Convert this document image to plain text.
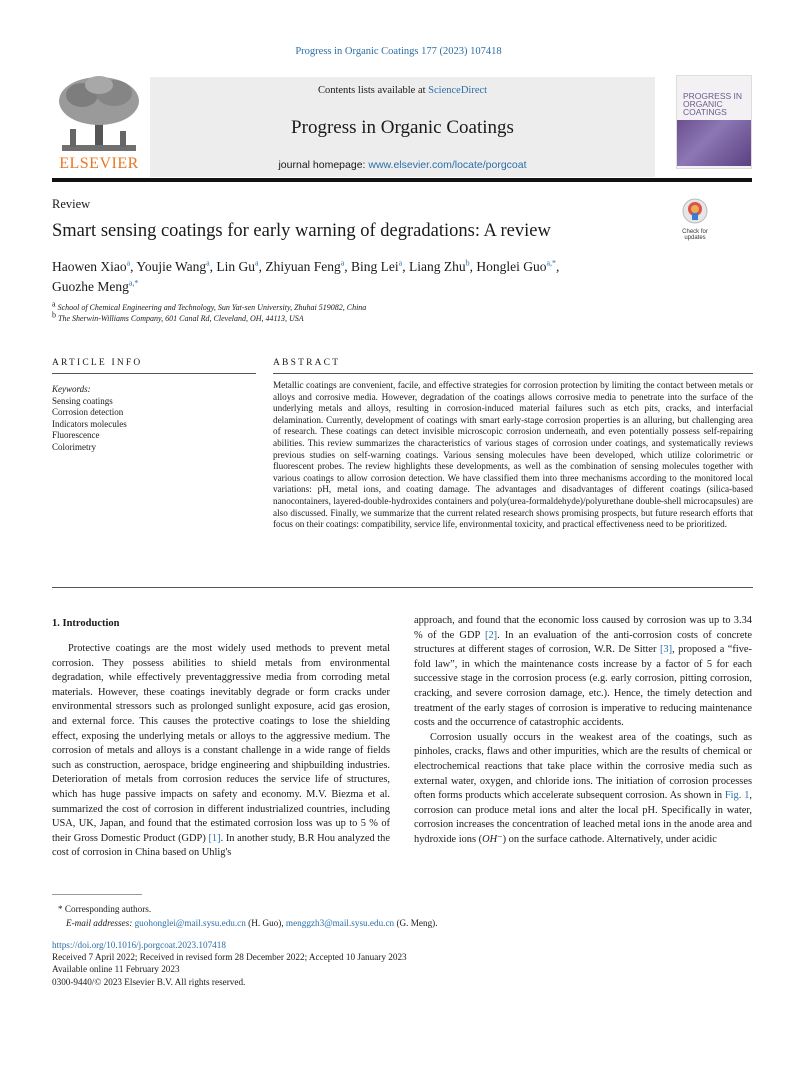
Progress in Organic Coatings 177 (2023) 107418
ELSEVIER
Contents lists available at ScienceDirect
Progress in Organic Coatings
journal homepage: www.elsevier.com/locate/porgcoat
PROGRESS IN
ORGANIC
COATINGS
Review
Check for updates
Smart sensing coatings for early warning of degradations: A review
Haowen Xiao$^a$, Youjie Wang$^a$, Lin Gu$^a$, Zhiyuan Feng$^a$, Bing Lei$^a$, Liang Zhu$^b$, Honglei Guo$^{a,*}$,
Guozhe Meng$^{a,*}$
$^a$ School of Chemical Engineering and Technology, Sun Yat-sen University, Zhuhai 519082, China
$^b$ The Sherwin-Williams Company, 601 Canal Rd, Cleveland, OH, 44113, USA
ARTICLE INFO	ABSTRACT
Keywords:
Sensing coatings
Corrosion detection
Indicators molecules
Fluorescence
Colorimetry
Metallic coatings are convenient, facile, and effective strategies for corrosion protection by limiting the contact between metals or alloys and corrosive media. However, degradation of the coatings allows corrosive media to penetrate into the surface of the underlying metals and alloys, resulting in corrosion-induced material failures such as etch pits, cracks, and interfacial delamination. Currently, development of coatings with smart early-stage corrosion properties is an alluring, but challenging area of research. These coatings can detect invisible microscopic corrosion underneath, and even potentially possess self-repairing abilities. This review summarizes the characteristics of various stages of corrosion under coatings, and systematically reviews previous studies on self-warning coatings. Various sensing molecules have been developed, which utilize colorimetric or fluorescent probes. The review highlights these developments, as well as the combination of sensing molecules together with various coatings to allow corrosion detection. We have classified them into three mechanisms according to the monitored local variations: pH, metal ions, and coating damage. The advantages and disadvantages of different coatings (silica-based nanocontainers, layered-double-hydroxides containers and poly(urea-formaldehyde)/polyurethane double-shell microcapsules) are also discussed. Finally, we summarize that the current related research shows promising prospects, but future research efforts that focus on their coatings: compatibility, service life, environmental toxicity, and practical effectiveness need to be prioritized.
1. Introduction

Protective coatings are the most widely used methods to prevent metal corrosion. They possess abilities to shield metals from environmental degradation, while effectively preventaggressive media from corroding metal materials. However, these coatings inevitably degrade or form cracks under environmental stressors such as prolonged sunlight exposure, acid gas erosion, and external force. This causes the protective coatings to lose the shielding effect, exposing the underlying metals or alloys to the aggressive medium. The corrosion of metals and alloys is a constant challenge in a wide range of fields such as construction, aerospace, bridge engineering and shipbuilding industries. Deterioration of metals from corrosion reduces the service life of structures, which has huge passive impacts on safety and economy. M.V. Biezma et al. summarized the cost of corrosion in different industrialized countries, including USA, UK, Japan, and found that the estimated corrosion loss was up to 5 % of their Gross Domestic Product (GDP) [1]. In another study, B.R Hou analyzed the cost of corrosion in China based on Uhlig's

approach, and found that the economic loss caused by corrosion was up to 3.34 % of the GDP [2]. In an evaluation of the anti-corrosion costs of concrete structures at different stages of corrosion, W.R. De Sitter [3], proposed a “five-fold law”, in which the maintenance costs increase by a factor of 5 for each successive stage in the corrosion process (e.g. early corrosion, pitting corrosion, cracking, and severe corrosion damage, etc.). Hence, the timely detection and treatment of the early stages of corrosion is imperative to reducing maintenance costs and the occurrence of catastrophic accidents.

Corrosion usually occurs in the weakest area of the coatings, such as pinholes, cracks, flaws and other impurities, which are the results of chemical or electrochemical reactions that take place within the corrosive media such as external water, oxygen, and chloride ions. The initiation of corrosion processes often forms products which accelerate subsequent corrosion. As shown in Fig. 1, corrosion can produce metal ions and alter the local pH. Specifically in water, corrosion increases the concentration of leached metal ions in the anode area and hydroxide ions (OH⁻) on the surface cathode. Alternatively, under acidic

* Corresponding authors.
E-mail addresses: guohonglei@mail.sysu.edu.cn (H. Guo), menggzh3@mail.sysu.edu.cn (G. Meng).
https://doi.org/10.1016/j.porgcoat.2023.107418
Received 7 April 2022; Received in revised form 28 December 2022; Accepted 10 January 2023
Available online 11 February 2023
0300-9440/© 2023 Elsevier B.V. All rights reserved.
